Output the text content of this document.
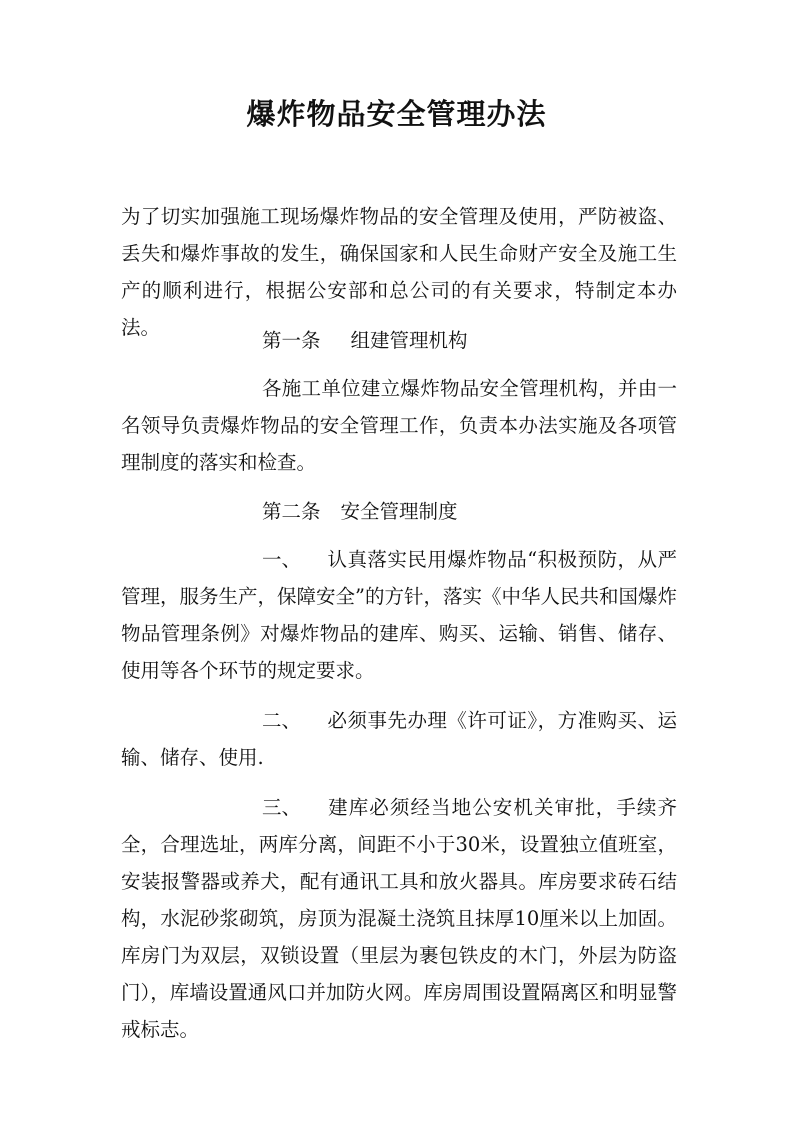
爆炸物品安全管理办法

为了切实加强施工现场爆炸物品的安全管理及使用，严防被盗、丢失和爆炸事故的发生，确保国家和人民生命财产安全及施工生产的顺利进行，根据公安部和总公司的有关要求，特制定本办法。

第一条 组建管理机构

各施工单位建立爆炸物品安全管理机构，并由一名领导负责爆炸物品的安全管理工作，负责本办法实施及各项管理制度的落实和检查。

第二条 安全管理制度

一、 认真落实民用爆炸物品“积极预防，从严管理，服务生产，保障安全”的方针，落实《中华人民共和国爆炸物品管理条例》对爆炸物品的建库、购买、运输、销售、储存、使用等各个环节的规定要求。

二、 必须事先办理《许可证》，方准购买、运输、储存、使用.

三、 建库必须经当地公安机关审批，手续齐全，合理选址，两库分离，间距不小于30米，设置独立值班室，安装报警器或养犬，配有通讯工具和放火器具。库房要求砖石结构，水泥砂浆砌筑，房顶为混凝土浇筑且抹厚10厘米以上加固。库房门为双层，双锁设置（里层为裹包铁皮的木门，外层为防盗门），库墙设置通风口并加防火网。库房周围设置隔离区和明显警戒标志。
